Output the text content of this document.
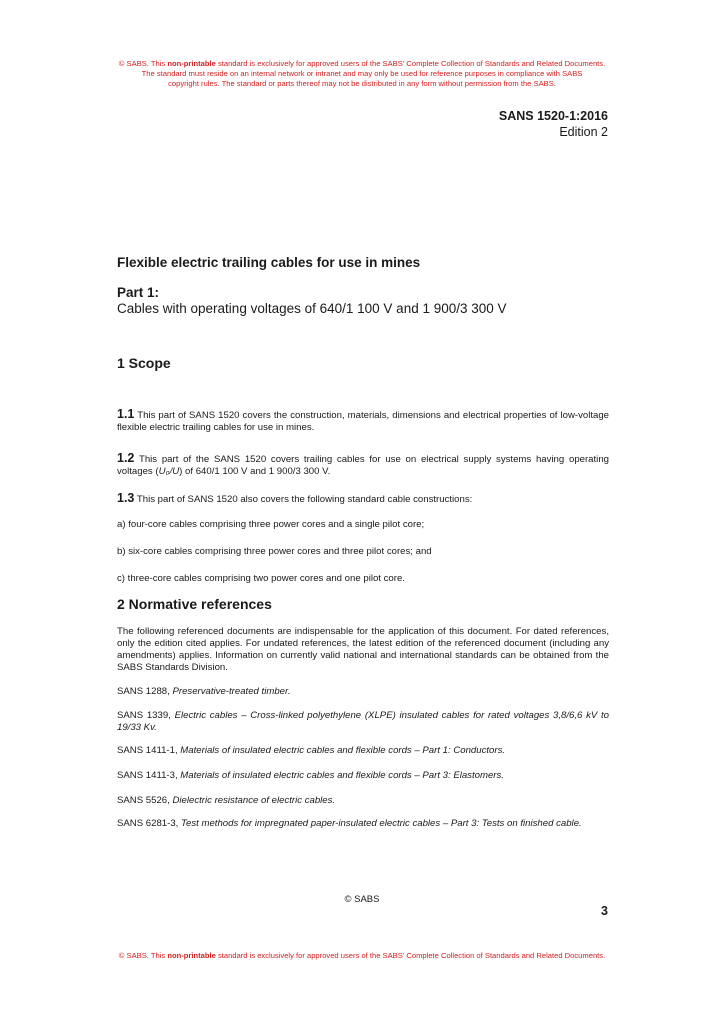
© SABS. This non-printable standard is exclusively for approved users of the SABS' Complete Collection of Standards and Related Documents.
The standard must reside on an internal network or intranet and may only be used for reference purposes in compliance with SABS
copyright rules. The standard or parts thereof may not be distributed in any form without permission from the SABS.
SANS 1520-1:2016
Edition 2
Flexible electric trailing cables for use in mines
Part 1:
Cables with operating voltages of 640/1 100 V and 1 900/3 300 V
1 Scope
1.1 This part of SANS 1520 covers the construction, materials, dimensions and electrical properties of low-voltage flexible electric trailing cables for use in mines.
1.2 This part of the SANS 1520 covers trailing cables for use on electrical supply systems having operating voltages (U₀/U) of 640/1 100 V and 1 900/3 300 V.
1.3 This part of SANS 1520 also covers the following standard cable constructions:
a) four-core cables comprising three power cores and a single pilot core;
b) six-core cables comprising three power cores and three pilot cores; and
c) three-core cables comprising two power cores and one pilot core.
2 Normative references
The following referenced documents are indispensable for the application of this document. For dated references, only the edition cited applies. For undated references, the latest edition of the referenced document (including any amendments) applies. Information on currently valid national and international standards can be obtained from the SABS Standards Division.
SANS 1288, Preservative-treated timber.
SANS 1339, Electric cables – Cross-linked polyethylene (XLPE) insulated cables for rated voltages 3,8/6,6 kV to 19/33 Kv.
SANS 1411-1, Materials of insulated electric cables and flexible cords – Part 1: Conductors.
SANS 1411-3, Materials of insulated electric cables and flexible cords – Part 3: Elastomers.
SANS 5526, Dielectric resistance of electric cables.
SANS 6281-3, Test methods for impregnated paper-insulated electric cables – Part 3: Tests on finished cable.
© SABS
3
© SABS. This non-printable standard is exclusively for approved users of the SABS' Complete Collection of Standards and Related Documents.
